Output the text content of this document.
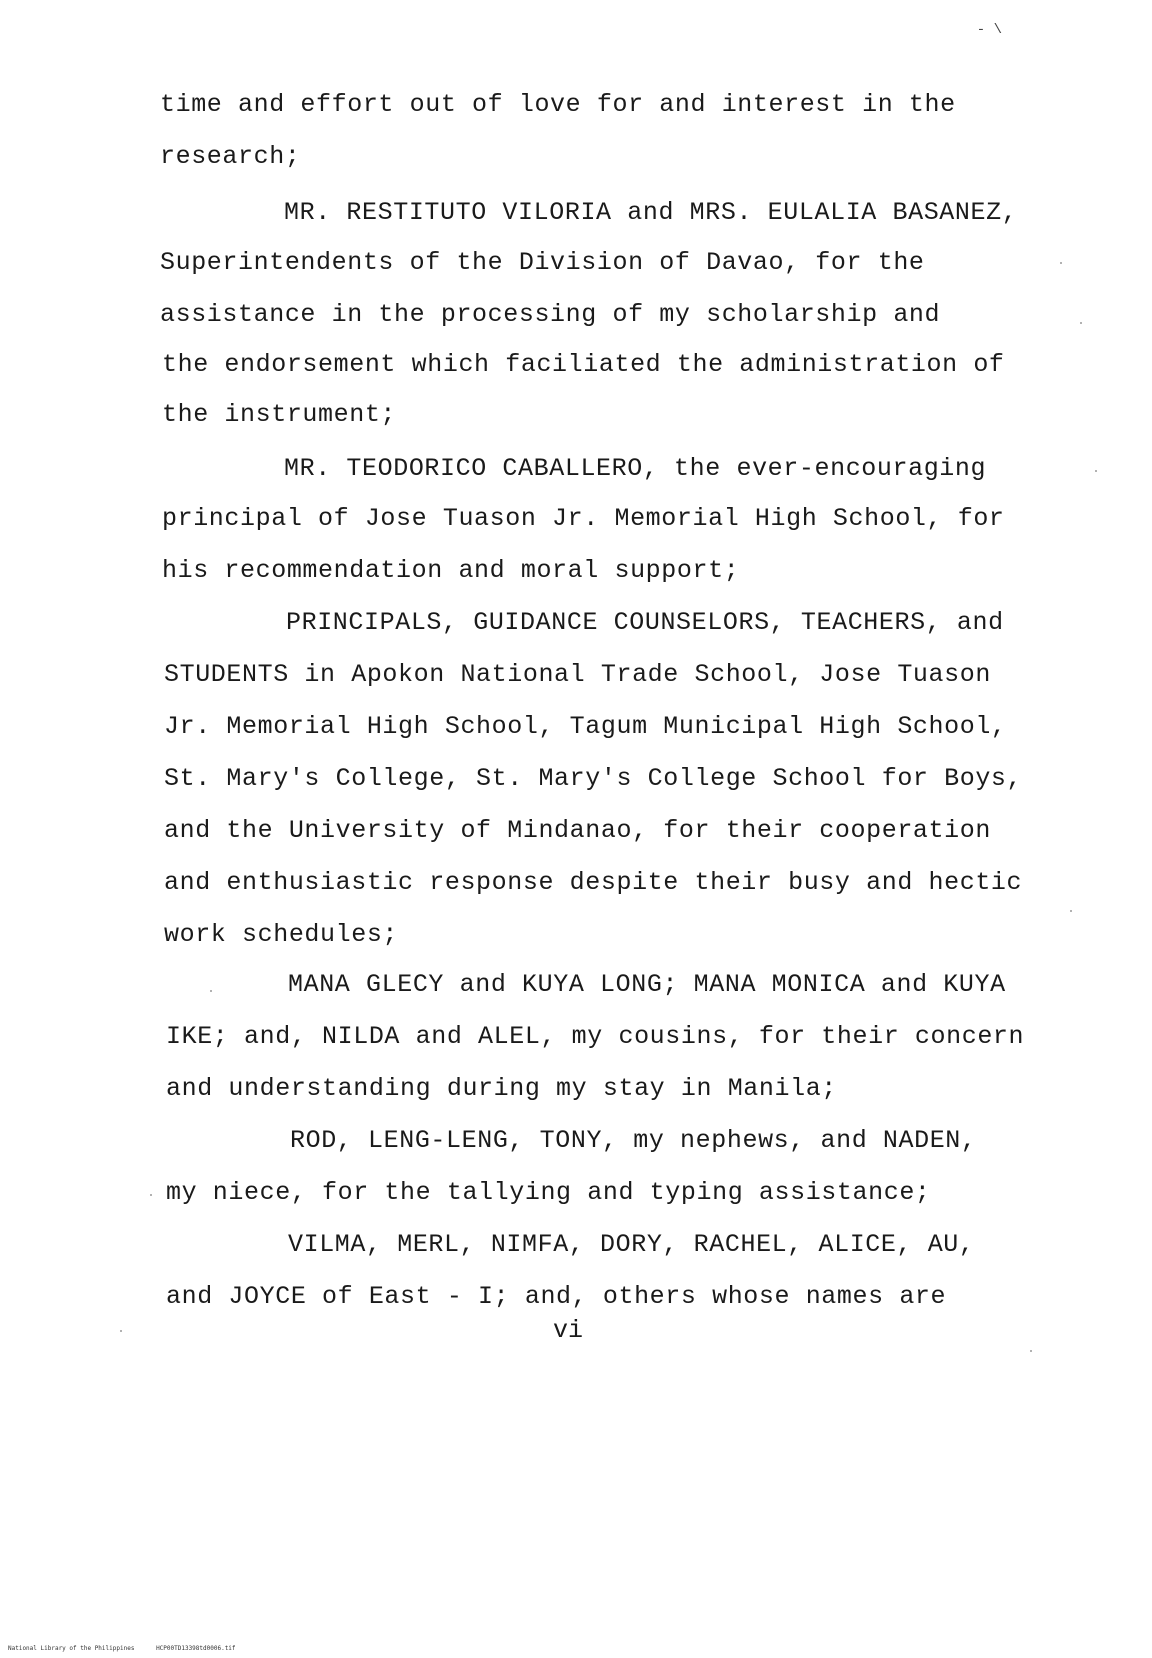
- \
time and effort out of love for and interest in the
research;
MR. RESTITUTO VILORIA and MRS. EULALIA BASANEZ,
Superintendents of the Division of Davao, for the
assistance in the processing of my scholarship and
the endorsement which faciliated the administration of
the instrument;
MR. TEODORICO CABALLERO, the ever-encouraging
principal of Jose Tuason Jr. Memorial High School, for
his recommendation and moral support;
PRINCIPALS, GUIDANCE COUNSELORS, TEACHERS, and
STUDENTS in Apokon National Trade School, Jose Tuason
Jr. Memorial High School, Tagum Municipal High School,
St. Mary's College, St. Mary's College School for Boys,
and the University of Mindanao, for their cooperation
and enthusiastic response despite their busy and hectic
work schedules;
MANA GLECY and KUYA LONG; MANA MONICA and KUYA
IKE; and, NILDA and ALEL, my cousins, for their concern
and understanding during my stay in Manila;
ROD, LENG-LENG, TONY, my nephews, and NADEN,
my niece, for the tallying and typing assistance;
VILMA, MERL, NIMFA, DORY, RACHEL, ALICE, AU,
and JOYCE of East - I; and, others whose names are
vi
National Library of the Philippines	HCP00TD13398td0006.tif
